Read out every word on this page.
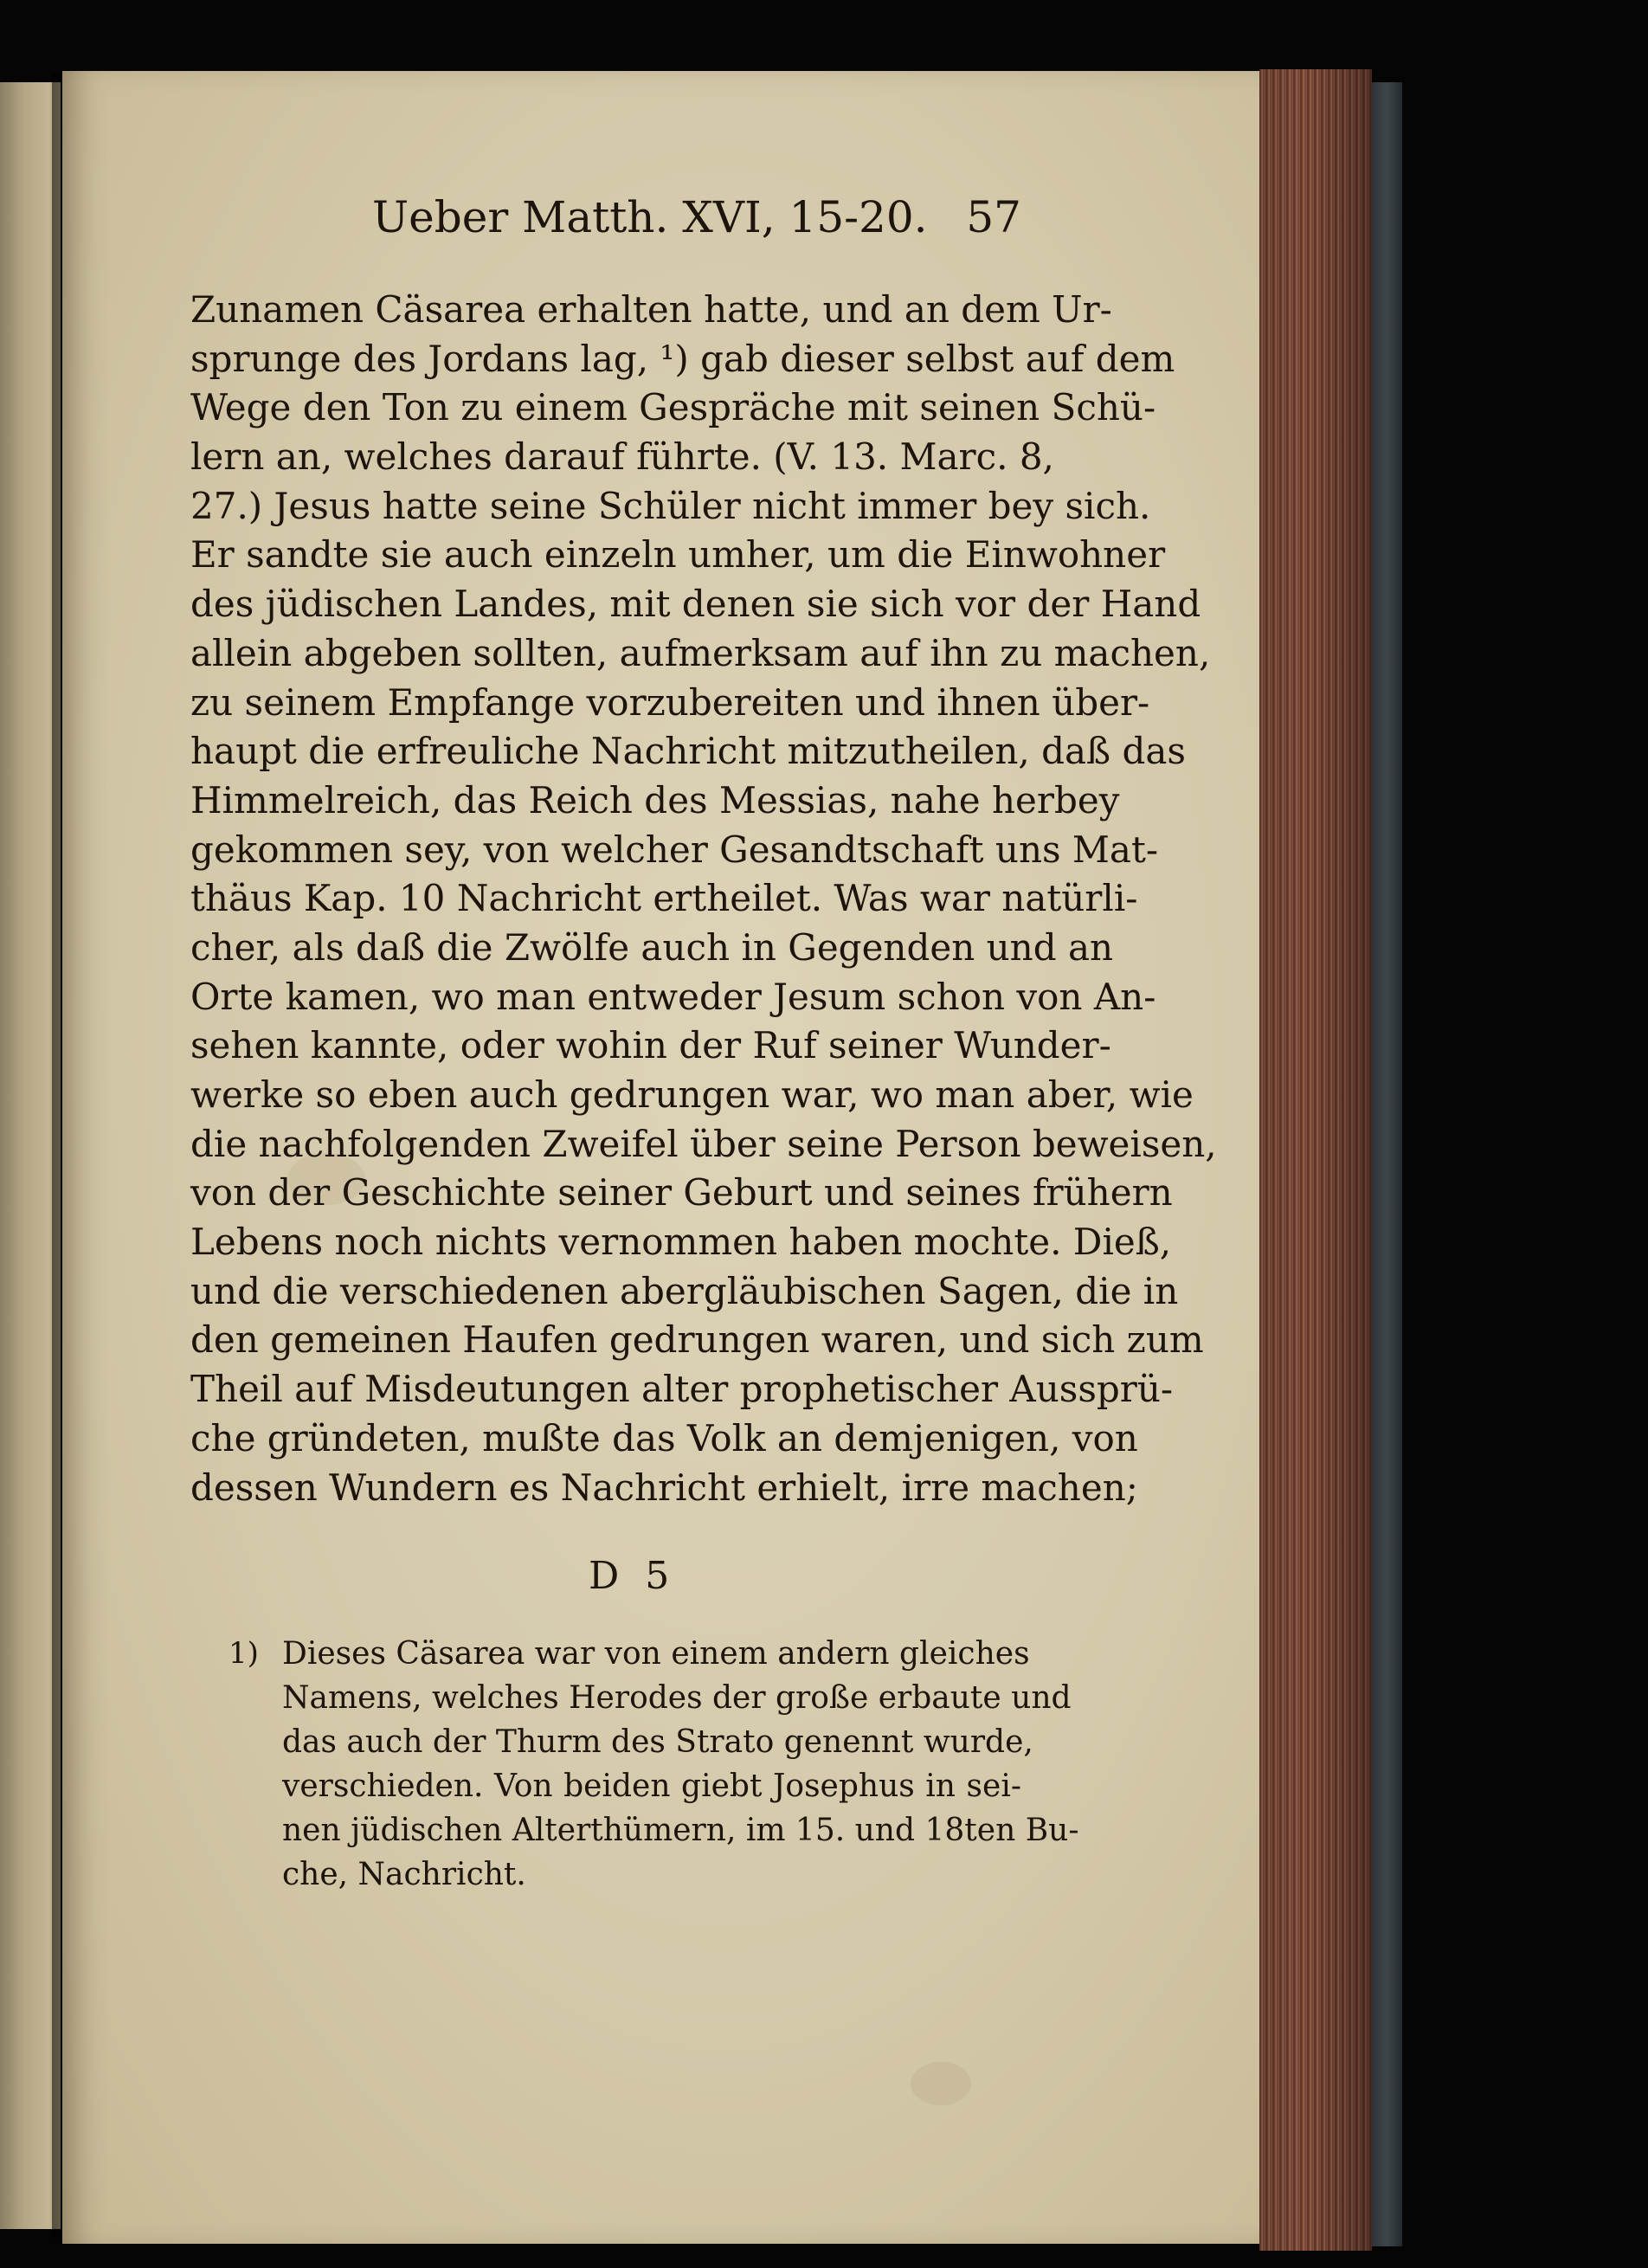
Ueber Matth. XVI, 15-20. 57
Zunamen Cäsarea erhalten hatte, und an dem Ur-
sprunge des Jordans lag, ¹) gab dieser selbst auf dem
Wege den Ton zu einem Gespräche mit seinen Schü-
lern an, welches darauf führte. (V. 13. Marc. 8,
27.) Jesus hatte seine Schüler nicht immer bey sich.
Er sandte sie auch einzeln umher, um die Einwohner
des jüdischen Landes, mit denen sie sich vor der Hand
allein abgeben sollten, aufmerksam auf ihn zu machen,
zu seinem Empfange vorzubereiten und ihnen über-
haupt die erfreuliche Nachricht mitzutheilen, daß das
Himmelreich, das Reich des Messias, nahe herbey
gekommen sey, von welcher Gesandtschaft uns Mat-
thäus Kap. 10 Nachricht ertheilet. Was war natürli-
cher, als daß die Zwölfe auch in Gegenden und an
Orte kamen, wo man entweder Jesum schon von An-
sehen kannte, oder wohin der Ruf seiner Wunder-
werke so eben auch gedrungen war, wo man aber, wie
die nachfolgenden Zweifel über seine Person beweisen,
von der Geschichte seiner Geburt und seines frühern
Lebens noch nichts vernommen haben mochte. Dieß,
und die verschiedenen abergläubischen Sagen, die in
den gemeinen Haufen gedrungen waren, und sich zum
Theil auf Misdeutungen alter prophetischer Aussprü-
che gründeten, mußte das Volk an demjenigen, von
dessen Wundern es Nachricht erhielt, irre machen;
D 5
1) Dieses Cäsarea war von einem andern gleiches
Namens, welches Herodes der große erbaute und
das auch der Thurm des Strato genennt wurde,
verschieden. Von beiden giebt Josephus in sei-
nen jüdischen Alterthümern, im 15. und 18ten Bu-
che, Nachricht.
